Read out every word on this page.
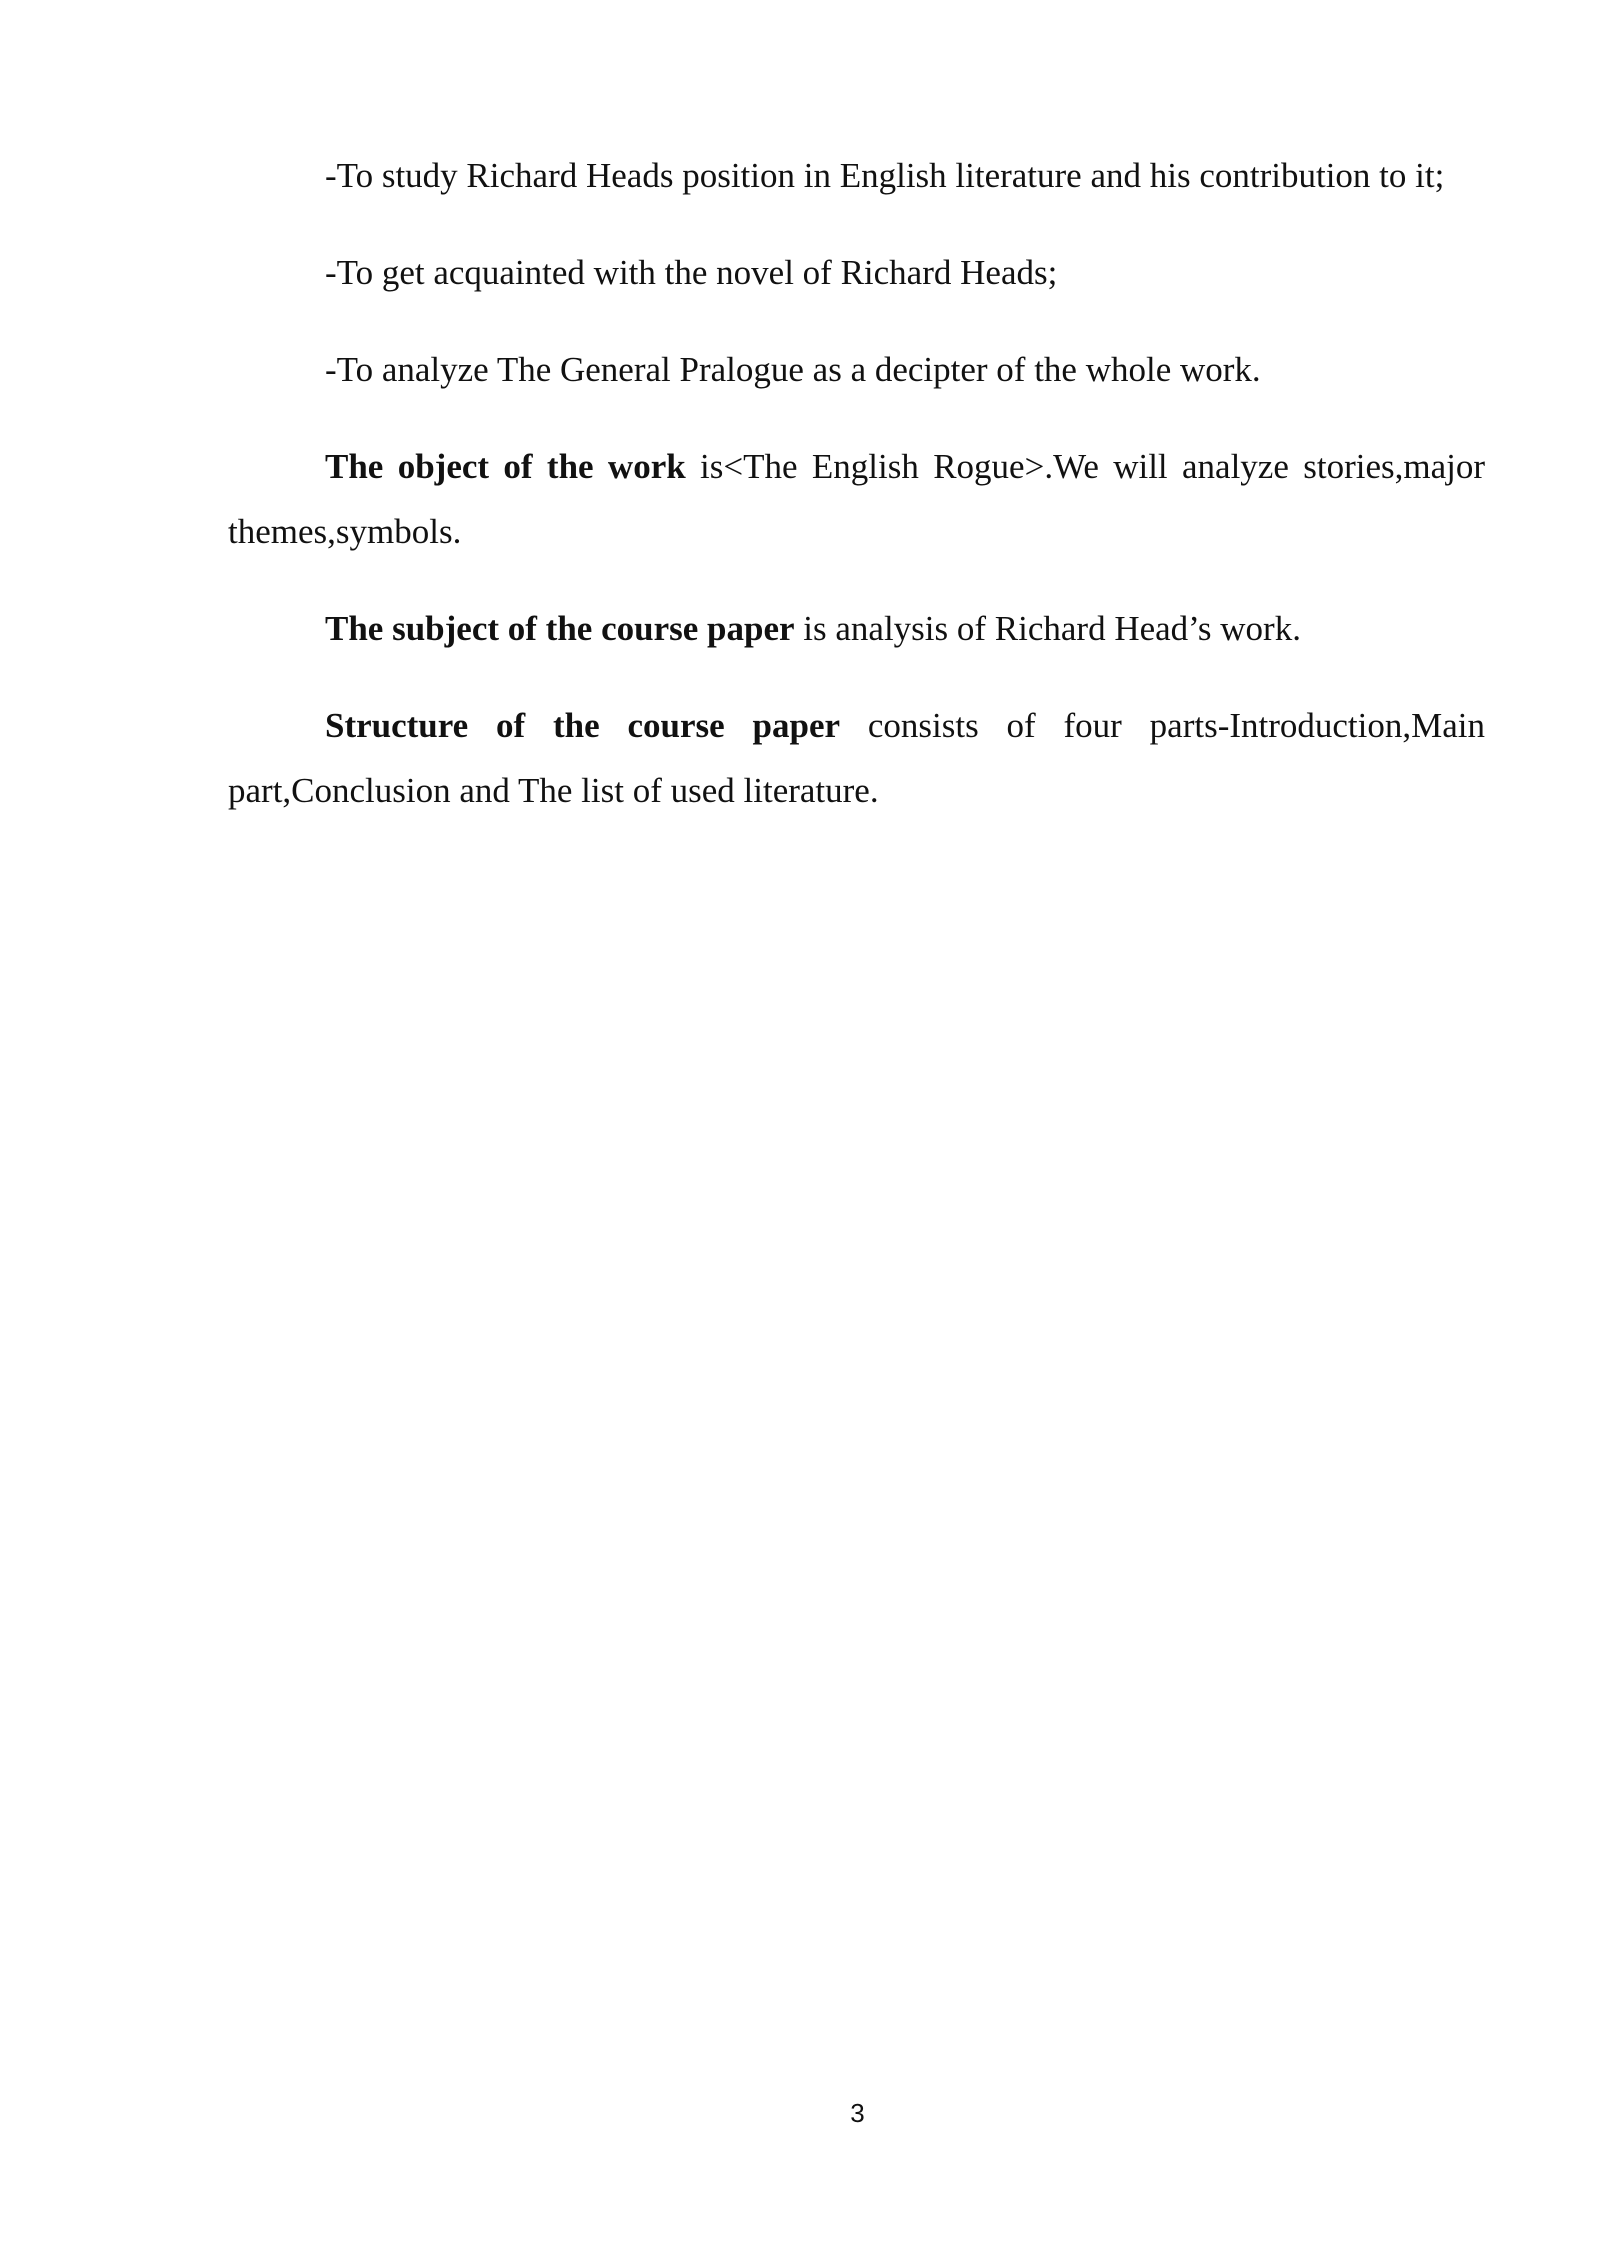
-To study Richard Heads position in English literature and his contribution to it;

-To get acquainted with the novel of Richard Heads;

-To analyze The General Pralogue as a decipter of the whole work.

The object of the work is<The English Rogue>.We will analyze stories,major themes,symbols.

The subject of the course paper is analysis of Richard Head’s work.

Structure of the course paper consists of four parts-Introduction,Main part,Conclusion and The list of used literature.

3
